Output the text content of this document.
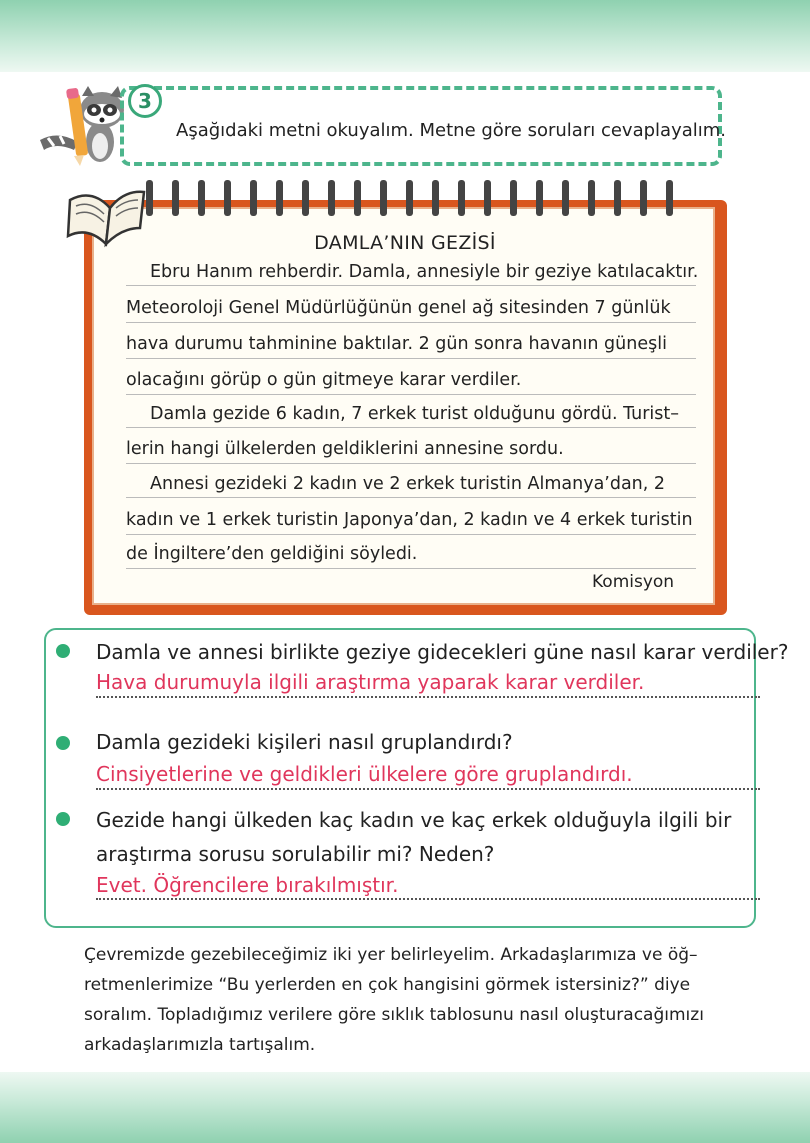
3
Aşağıdaki metni okuyalım. Metne göre soruları cevaplayalım.
DAMLA’NIN GEZİSİ
Ebru Hanım rehberdir. Damla, annesiyle bir geziye katılacaktır.
Meteoroloji Genel Müdürlüğünün genel ağ sitesinden 7 günlük
hava durumu tahminine baktılar. 2 gün sonra havanın güneşli
olacağını görüp o gün gitmeye karar verdiler.
Damla gezide 6 kadın, 7 erkek turist olduğunu gördü. Turist–
lerin hangi ülkelerden geldiklerini annesine sordu.
Annesi gezideki 2 kadın ve 2 erkek turistin Almanya’dan, 2
kadın ve 1 erkek turistin Japonya’dan, 2 kadın ve 4 erkek turistin
de İngiltere’den geldiğini söyledi.
Komisyon
Damla ve annesi birlikte geziye gidecekleri güne nasıl karar verdiler?
Hava durumuyla ilgili araştırma yaparak karar verdiler.
Damla gezideki kişileri nasıl gruplandırdı?
Cinsiyetlerine ve geldikleri ülkelere göre gruplandırdı.
Gezide hangi ülkeden kaç kadın ve kaç erkek olduğuyla ilgili bir
araştırma sorusu sorulabilir mi? Neden?
Evet. Öğrencilere bırakılmıştır.
Çevremizde gezebileceğimiz iki yer belirleyelim. Arkadaşlarımıza ve öğ–
retmenlerimize “Bu yerlerden en çok hangisini görmek istersiniz?” diye
soralım. Topladığımız verilere göre sıklık tablosunu nasıl oluşturacağımızı
arkadaşlarımızla tartışalım.
